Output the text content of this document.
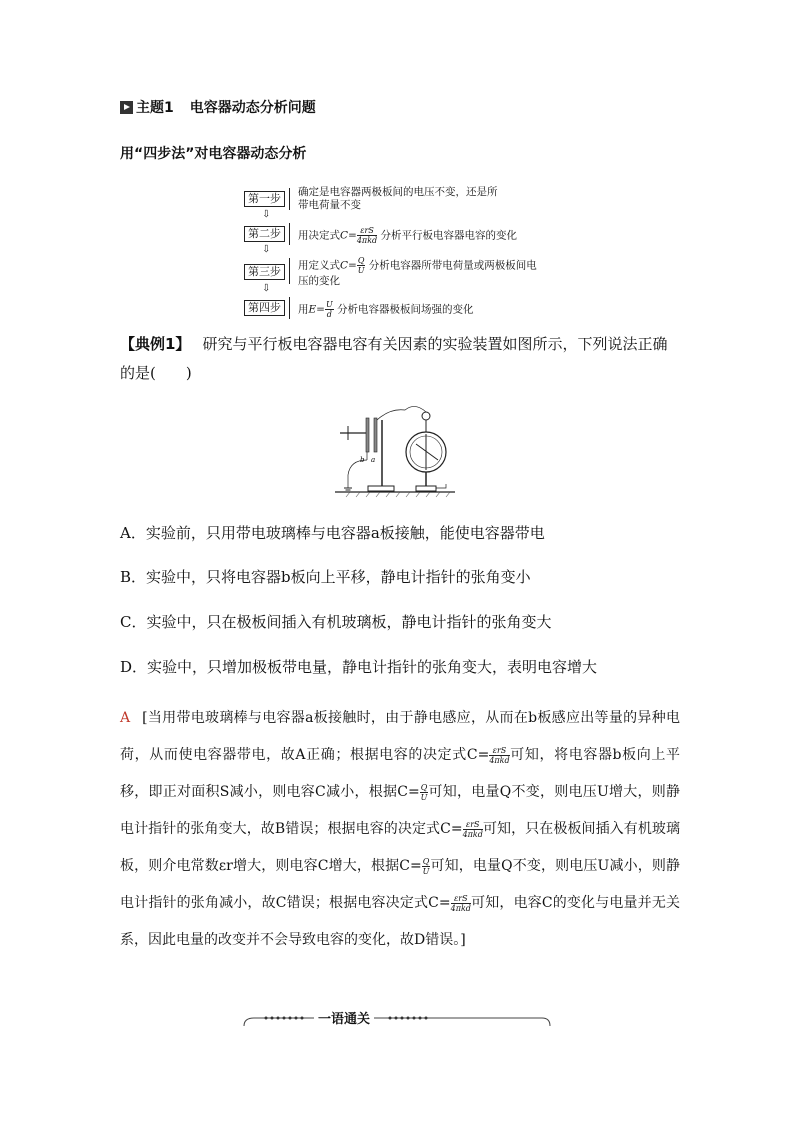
主题1 电容器动态分析问题
用“四步法”对电容器动态分析
第一步	确定是电容器两极板间的电压不变，还是所带电荷量不变
⇩
第二步	用决定式$C= \frac{\text{εrS}}{\text{4πkd}}$ 分析平行板电容器电容的变化
⇩
第三步	用定义式$C= \frac{Q}{U}$ 分析电容器所带电荷量或两极板间电压的变化
⇩
第四步	用$E= \frac{U}{d}$ 分析电容器极板间场强的变化
【典例1】 研究与平行板电容器电容有关因素的实验装置如图所示，下列说法正确的是(　　)
b a
A．实验前，只用带电玻璃棒与电容器a板接触，能使电容器带电
B．实验中，只将电容器b板向上平移，静电计指针的张角变小
C．实验中，只在极板间插入有机玻璃板，静电计指针的张角变大
D．实验中，只增加极板带电量，静电计指针的张角变大，表明电容增大
A [当用带电玻璃棒与电容器a板接触时，由于静电感应，从而在b板感应出等量的异种电荷，从而使电容器带电，故A正确；根据电容的决定式$C= \frac{\text{εrS}}{\text{4πkd}}$ 可知，将电容器b板向上平移，即正对面积S减小，则电容C减小，根据$C= \frac{Q}{U}$ 可知，电量Q不变，则电压U增大，则静电计指针的张角变大，故B错误；根据电容的决定式$C= \frac{\text{εrS}}{\text{4πkd}}$ 可知，只在极板间插入有机玻璃板，则介电常数εr增大，则电容C增大，根据$C= \frac{Q}{U}$ 可知，电量Q不变，则电压U减小，则静电计指针的张角减小，故C错误；根据电容决定式$C= \frac{\text{εrS}}{\text{4πkd}}$ 可知，电容C的变化与电量并无关系，因此电量的改变并不会导致电容的变化，故D错误。]
一语通关
